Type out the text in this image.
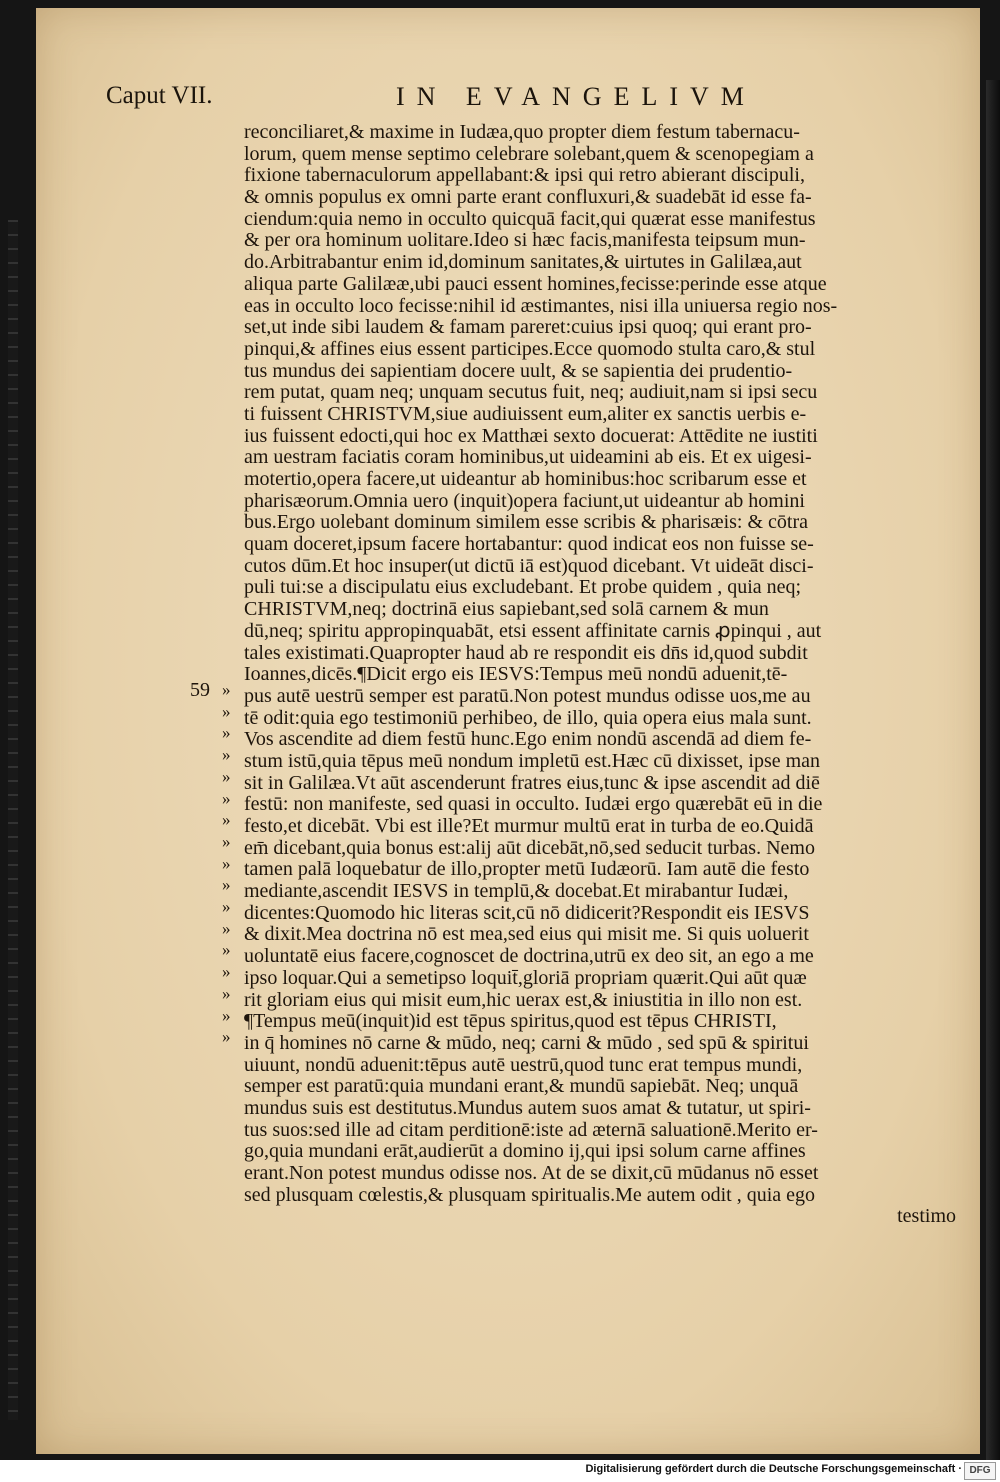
Caput VII.	IN EVANGELIVM
59 »
»
»
»
»
»
»
»
»
»
»
»
»
»
»
»
»
reconciliaret,& maxime in Iudæa,quo propter diem festum tabernacu-
lorum, quem mense septimo celebrare solebant,quem & scenopegiam a
fixione tabernaculorum appellabant:& ipsi qui retro abierant discipuli,
& omnis populus ex omni parte erant confluxuri,& suadebāt id esse fa-
ciendum:quia nemo in occulto quicquā facit,qui quærat esse manifestus
& per ora hominum uolitare.Ideo si hæc facis,manifesta teipsum mun-
do.Arbitrabantur enim id,dominum sanitates,& uirtutes in Galilæa,aut
aliqua parte Galilææ,ubi pauci essent homines,fecisse:perinde esse atque
eas in occulto loco fecisse:nihil id æstimantes, nisi illa uniuersa regio nos-
set,ut inde sibi laudem & famam pareret:cuius ipsi quoq; qui erant pro-
pinqui,& affines eius essent participes.Ecce quomodo stulta caro,& stul
tus mundus dei sapientiam docere uult, & se sapientia dei prudentio-
rem putat, quam neq; unquam secutus fuit, neq; audiuit,nam si ipsi secu
ti fuissent CHRISTVM,siue audiuissent eum,aliter ex sanctis uerbis e-
ius fuissent edocti,qui hoc ex Matthæi sexto docuerat: Attēdite ne iustiti
am uestram faciatis coram hominibus,ut uideamini ab eis. Et ex uigesi-
motertio,opera facere,ut uideantur ab hominibus:hoc scribarum esse et
pharisæorum.Omnia uero (inquit)opera faciunt,ut uideantur ab homini
bus.Ergo uolebant dominum similem esse scribis & pharisæis: & cōtra
quam doceret,ipsum facere hortabantur: quod indicat eos non fuisse se-
cutos dūm.Et hoc insuper(ut dictū iā est)quod dicebant. Vt uideāt disci-
puli tui:se a discipulatu eius excludebant. Et probe quidem , quia neq;
CHRISTVM,neq; doctrinā eius sapiebant,sed solā carnem & mun
dū,neq; spiritu appropinquabāt, etsi essent affinitate carnis ꝓpinqui , aut
tales existimati.Quapropter haud ab re respondit eis dn̄s id,quod subdit
Ioannes,dicēs.¶Dicit ergo eis IESVS:Tempus meū nondū aduenit,tē-
pus autē uestrū semper est paratū.Non potest mundus odisse uos,me au
tē odit:quia ego testimoniū perhibeo, de illo, quia opera eius mala sunt.
Vos ascendite ad diem festū hunc.Ego enim nondū ascendā ad diem fe-
stum istū,quia tēpus meū nondum impletū est.Hæc cū dixisset, ipse man
sit in Galilæa.Vt aūt ascenderunt fratres eius,tunc & ipse ascendit ad diē
festū: non manifeste, sed quasi in occulto. Iudæi ergo quærebāt eū in die
festo,et dicebāt. Vbi est ille?Et murmur multū erat in turba de eo.Quidā
em̄ dicebant,quia bonus est:alij aūt dicebāt,nō,sed seducit turbas. Nemo
tamen palā loquebatur de illo,propter metū Iudæorū. Iam autē die festo
mediante,ascendit IESVS in templū,& docebat.Et mirabantur Iudæi,
dicentes:Quomodo hic literas scit,cū nō didicerit?Respondit eis IESVS
& dixit.Mea doctrina nō est mea,sed eius qui misit me. Si quis uoluerit
uoluntatē eius facere,cognoscet de doctrina,utrū ex deo sit, an ego a me
ipso loquar.Qui a semetipso loquit̄,gloriā propriam quærit.Qui aūt quæ
rit gloriam eius qui misit eum,hic uerax est,& iniustitia in illo non est.
¶Tempus meū(inquit)id est tēpus spiritus,quod est tēpus CHRISTI,
in q̄ homines nō carne & mūdo, neq; carni & mūdo , sed spū & spiritui
uiuunt, nondū aduenit:tēpus autē uestrū,quod tunc erat tempus mundi,
semper est paratū:quia mundani erant,& mundū sapiebāt. Neq; unquā
mundus suis est destitutus.Mundus autem suos amat & tutatur, ut spiri-
tus suos:sed ille ad citam perditionē:iste ad æternā saluationē.Merito er-
go,quia mundani erāt,audierūt a domino ij,qui ipsi solum carne affines
erant.Non potest mundus odisse nos. At de se dixit,cū mūdanus nō esset
sed plusquam cœlestis,& plusquam spiritualis.Me autem odit , quia ego
testimo
Digitalisierung gefördert durch die Deutsche Forschungsgemeinschaft · DFG
